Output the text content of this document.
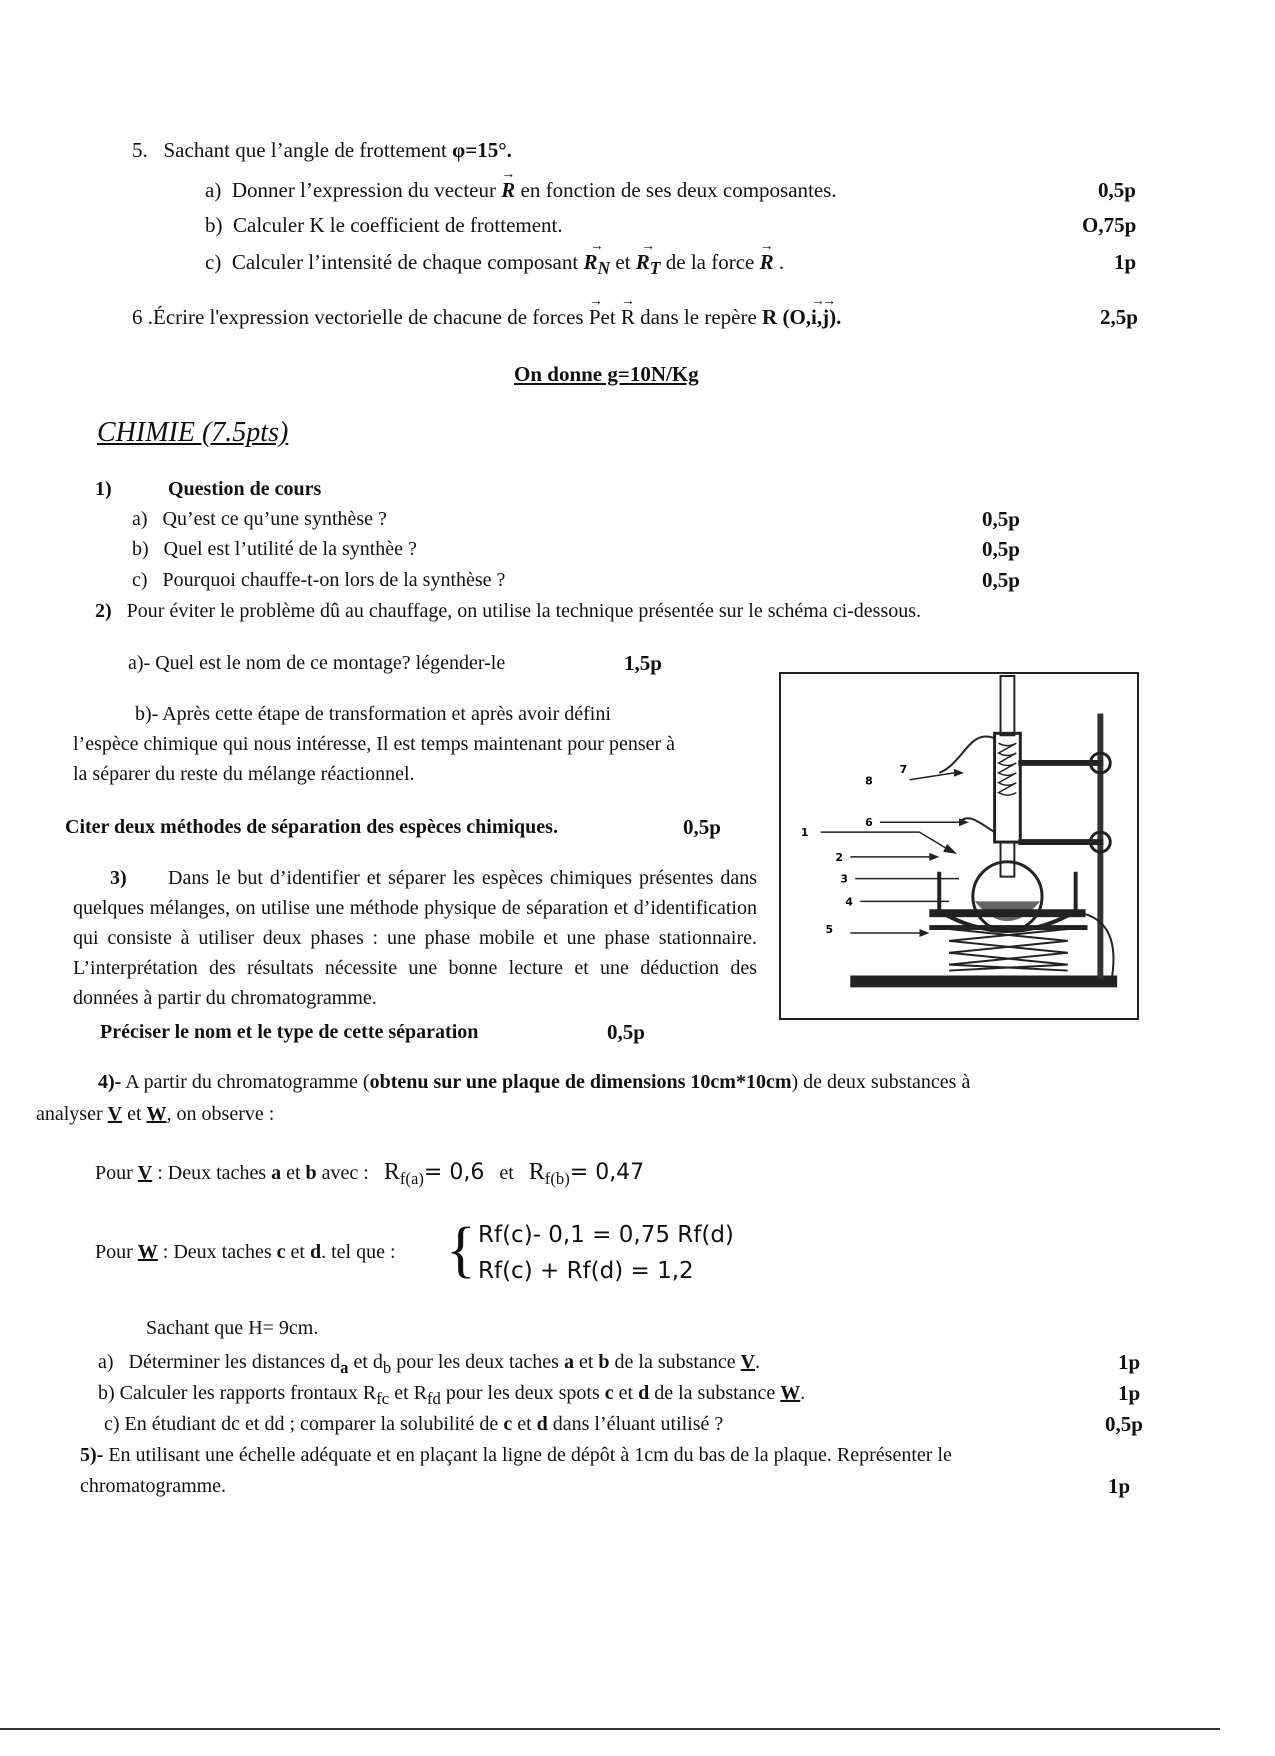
5. Sachant que l’angle de frottement φ=15°.
a) Donner l’expression du vecteur → R en fonction de ses deux composantes.	0,5p
b) Calculer K le coefficient de frottement.	O,75p
c) Calculer l’intensité de chaque composant → $R_N$ et → $R_T$ de la force → R .	1p
6 .Écrire l'expression vectorielle de chacune de forces → Pet → R dans le repère R (O,→ i,→ j).	2,5p
On donne g=10N/Kg
CHIMIE (7.5pts)
1)	Question de cours
a) Qu’est ce qu’une synthèse ?	0,5p
b) Quel est l’utilité de la synthèe ?	0,5p
c) Pourquoi chauffe-t-on lors de la synthèse ?	0,5p
2) Pour éviter le problème dû au chauffage, on utilise la technique présentée sur le schéma ci-dessous.
a)- Quel est le nom de ce montage? légender-le	1,5p
b)- Après cette étape de transformation et après avoir défini
l’espèce chimique qui nous intéresse, Il est temps maintenant pour penser à
la séparer du reste du mélange réactionnel.
Citer deux méthodes de séparation des espèces chimiques.	0,5p
3)	Dans le but d’identifier et séparer les espèces chimiques présentes dans quelques mélanges, on utilise une méthode physique de séparation et d’identification qui consiste à utiliser deux phases : une phase mobile et une phase stationnaire. L’interprétation des résultats nécessite une bonne lecture et une déduction des données à partir du chromatogramme.
Préciser le nom et le type de cette séparation	0,5p
1
2
3
4
5
6
7
8
4)- A partir du chromatogramme (obtenu sur une plaque de dimensions 10cm*10cm) de deux substances à
analyser V et W, on observe :
Pour V : Deux taches a et b avec : $R_{f(a)}= 0,6$ et $R_{f(b)}= 0,47$
Pour W : Deux taches c et d. tel que : { Rf(c)- 0,1 = 0,75 Rf(d)
Rf(c) + Rf(d) = 1,2
Sachant que H= 9cm.
a) Déterminer les distances $d_a$ et $d_b$ pour les deux taches a et b de la substance V.	1p
b) Calculer les rapports frontaux $R_{fc}$ et $R_{fd}$ pour les deux spots c et d de la substance W.	1p
c) En étudiant dc et dd ; comparer la solubilité de c et d dans l’éluant utilisé ?	0,5p
5)- En utilisant une échelle adéquate et en plaçant la ligne de dépôt à 1cm du bas de la plaque. Représenter le
chromatogramme.	1p
